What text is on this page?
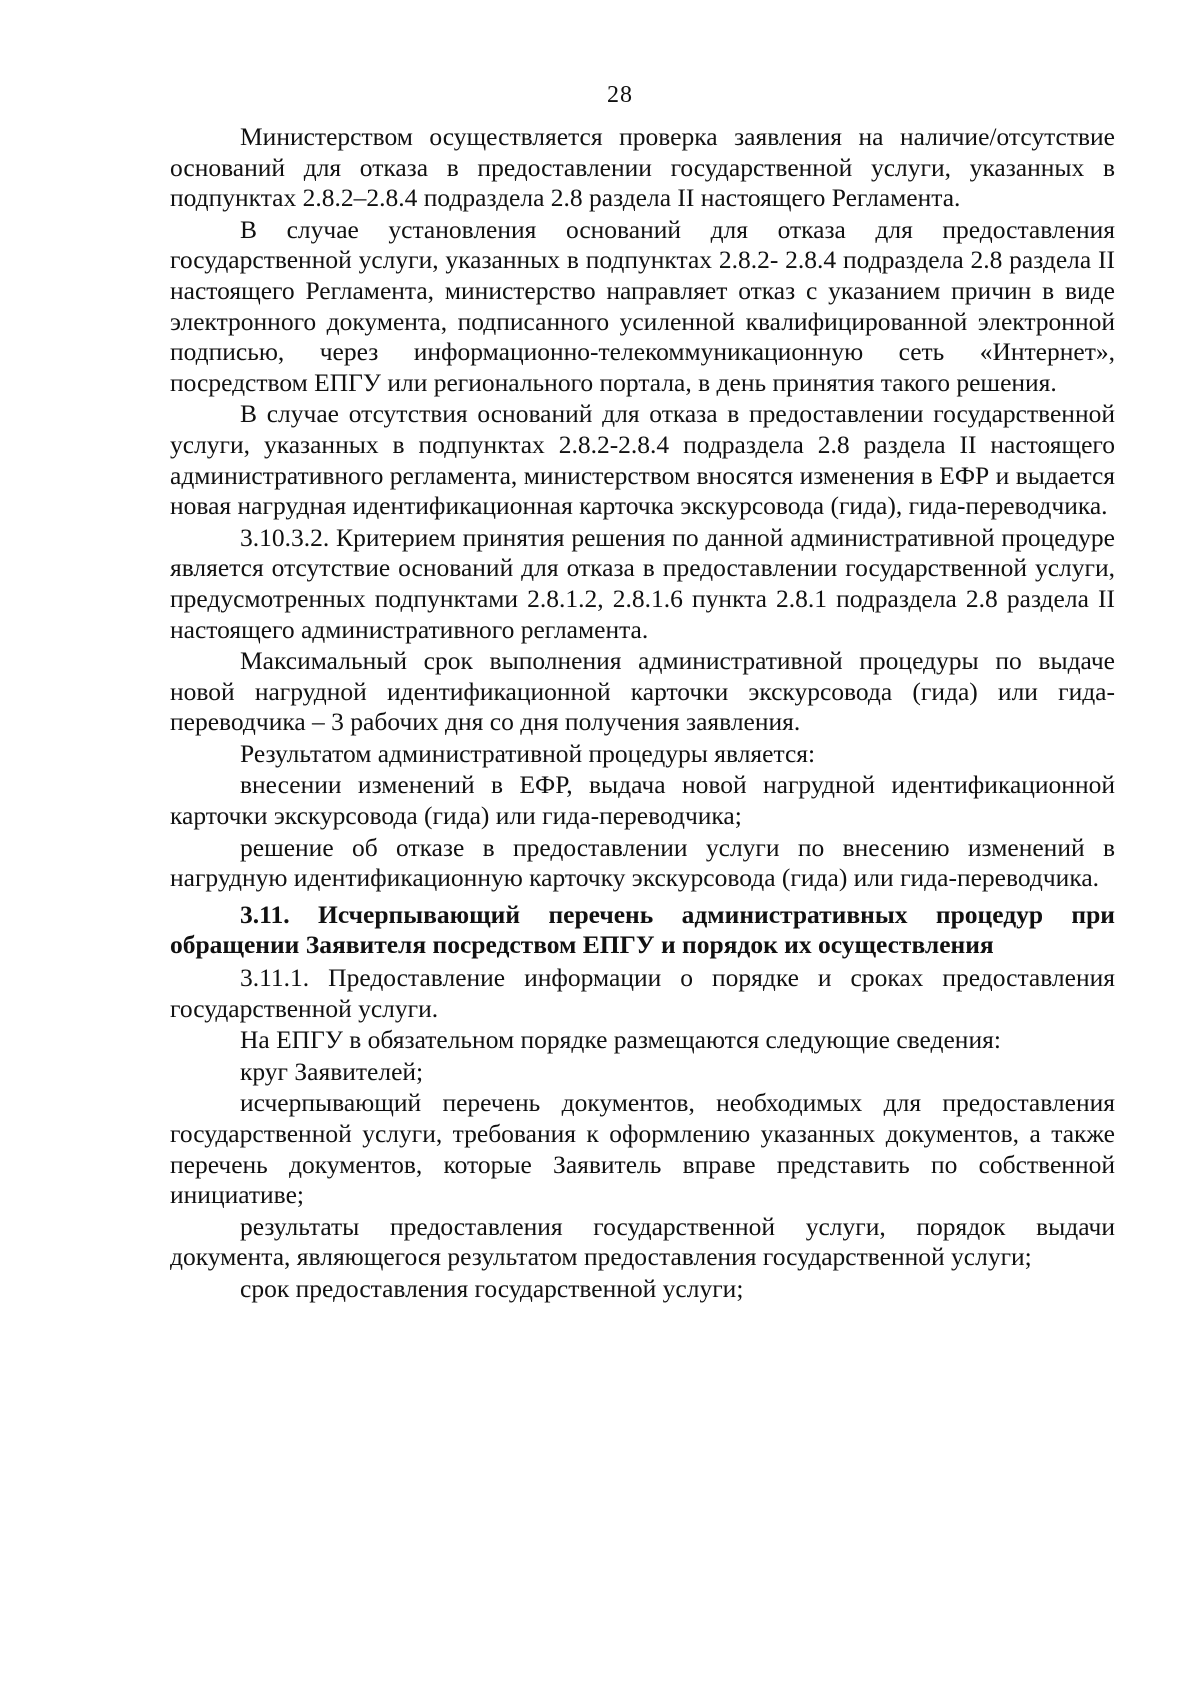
28

Министерством осуществляется проверка заявления на наличие/отсутствие оснований для отказа в предоставлении государственной услуги, указанных в подпунктах 2.8.2–2.8.4 подраздела 2.8 раздела II настоящего Регламента.

В случае установления оснований для отказа для предоставления государственной услуги, указанных в подпунктах 2.8.2- 2.8.4 подраздела 2.8 раздела II настоящего Регламента, министерство направляет отказ с указанием причин в виде электронного документа, подписанного усиленной квалифицированной электронной подписью, через информационно-телекоммуникационную сеть «Интернет», посредством ЕПГУ или регионального портала, в день принятия такого решения.

В случае отсутствия оснований для отказа в предоставлении государственной услуги, указанных в подпунктах 2.8.2-2.8.4 подраздела 2.8 раздела II настоящего административного регламента, министерством вносятся изменения в ЕФР и выдается новая нагрудная идентификационная карточка экскурсовода (гида), гида-переводчика.

3.10.3.2. Критерием принятия решения по данной административной процедуре является отсутствие оснований для отказа в предоставлении государственной услуги, предусмотренных подпунктами 2.8.1.2, 2.8.1.6 пункта 2.8.1 подраздела 2.8 раздела II настоящего административного регламента.

Максимальный срок выполнения административной процедуры по выдаче новой нагрудной идентификационной карточки экскурсовода (гида) или гида-переводчика – 3 рабочих дня со дня получения заявления.

Результатом административной процедуры является:

внесении изменений в ЕФР, выдача новой нагрудной идентификационной карточки экскурсовода (гида) или гида-переводчика;

решение об отказе в предоставлении услуги по внесению изменений в нагрудную идентификационную карточку экскурсовода (гида) или гида-переводчика.

3.11. Исчерпывающий перечень административных процедур при обращении Заявителя посредством ЕПГУ и порядок их осуществления

3.11.1. Предоставление информации о порядке и сроках предоставления государственной услуги.

На ЕПГУ в обязательном порядке размещаются следующие сведения:

круг Заявителей;

исчерпывающий перечень документов, необходимых для предоставления государственной услуги, требования к оформлению указанных документов, а также перечень документов, которые Заявитель вправе представить по собственной инициативе;

результаты предоставления государственной услуги, порядок выдачи документа, являющегося результатом предоставления государственной услуги;

срок предоставления государственной услуги;
